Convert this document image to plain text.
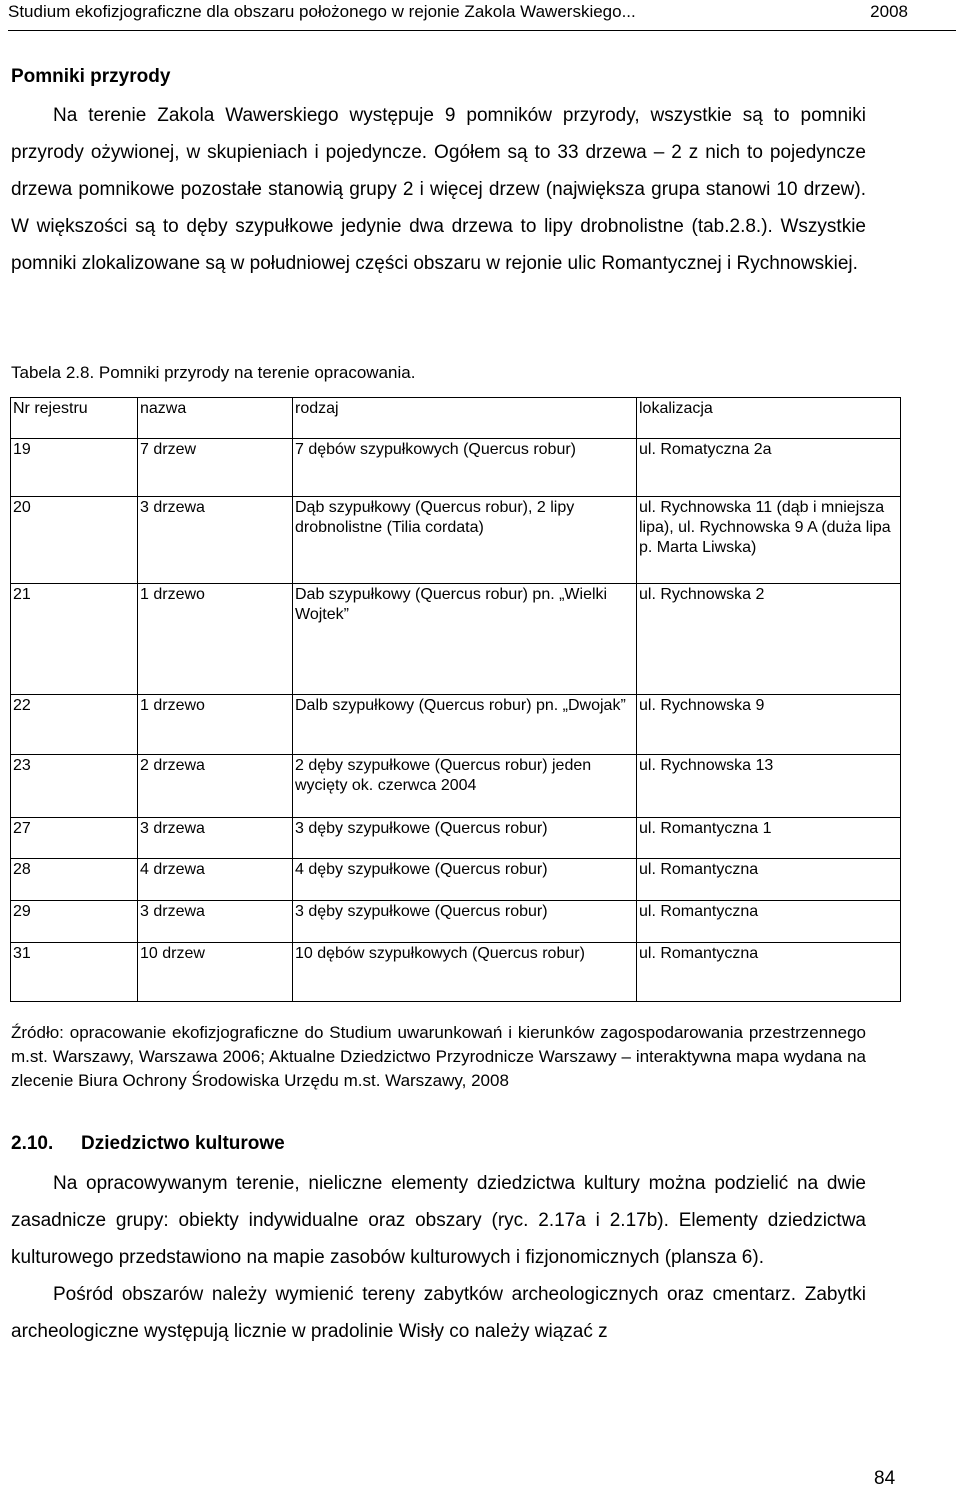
Studium ekofizjograficzne dla obszaru położonego w rejonie Zakola Wawerskiego...	2008
Pomniki przyrody

Na terenie Zakola Wawerskiego występuje 9 pomników przyrody, wszystkie są to pomniki przyrody ożywionej, w skupieniach i pojedyncze. Ogółem są to 33 drzewa – 2 z nich to pojedyncze drzewa pomnikowe pozostałe stanowią grupy 2 i więcej drzew (największa grupa stanowi 10 drzew). W większości są to dęby szypułkowe jedynie dwa drzewa to lipy drobnolistne (tab.2.8.). Wszystkie pomniki zlokalizowane są w południowej części obszaru w rejonie ulic Romantycznej i Rychnowskiej.

Tabela 2.8. Pomniki przyrody na terenie opracowania.
Nr rejestru	nazwa	rodzaj	lokalizacja
19	7 drzew	7 dębów szypułkowych (Quercus robur)	ul. Romatyczna 2a
20	3 drzewa	Dąb szypułkowy (Quercus robur), 2 lipy drobnolistne (Tilia cordata)	ul. Rychnowska 11 (dąb i mniejsza lipa), ul. Rychnowska 9 A (duża lipa p. Marta Liwska)
21	1 drzewo	Dab szypułkowy (Quercus robur) pn. „Wielki Wojtek”	ul. Rychnowska 2
22	1 drzewo	Dalb szypułkowy (Quercus robur) pn. „Dwojak”	ul. Rychnowska 9
23	2 drzewa	2 dęby szypułkowe (Quercus robur) jeden wycięty ok. czerwca 2004	ul. Rychnowska 13
27	3 drzewa	3 dęby szypułkowe (Quercus robur)	ul. Romantyczna 1
28	4 drzewa	4 dęby szypułkowe (Quercus robur)	ul. Romantyczna
29	3 drzewa	3 dęby szypułkowe (Quercus robur)	ul. Romantyczna
31	10 drzew	10 dębów szypułkowych (Quercus robur)	ul. Romantyczna
Źródło: opracowanie ekofizjograficzne do Studium uwarunkowań i kierunków zagospodarowania przestrzennego m.st. Warszawy, Warszawa 2006; Aktualne Dziedzictwo Przyrodnicze Warszawy – interaktywna mapa wydana na zlecenie Biura Ochrony Środowiska Urzędu m.st. Warszawy, 2008
2.10. Dziedzictwo kulturowe

Na opracowywanym terenie, nieliczne elementy dziedzictwa kultury można podzielić na dwie zasadnicze grupy: obiekty indywidualne oraz obszary (ryc. 2.17a i 2.17b). Elementy dziedzictwa kulturowego przedstawiono na mapie zasobów kulturowych i fizjonomicznych (plansza 6).

Pośród obszarów należy wymienić tereny zabytków archeologicznych oraz cmentarz. Zabytki archeologiczne występują licznie w pradolinie Wisły co należy wiązać z

84
